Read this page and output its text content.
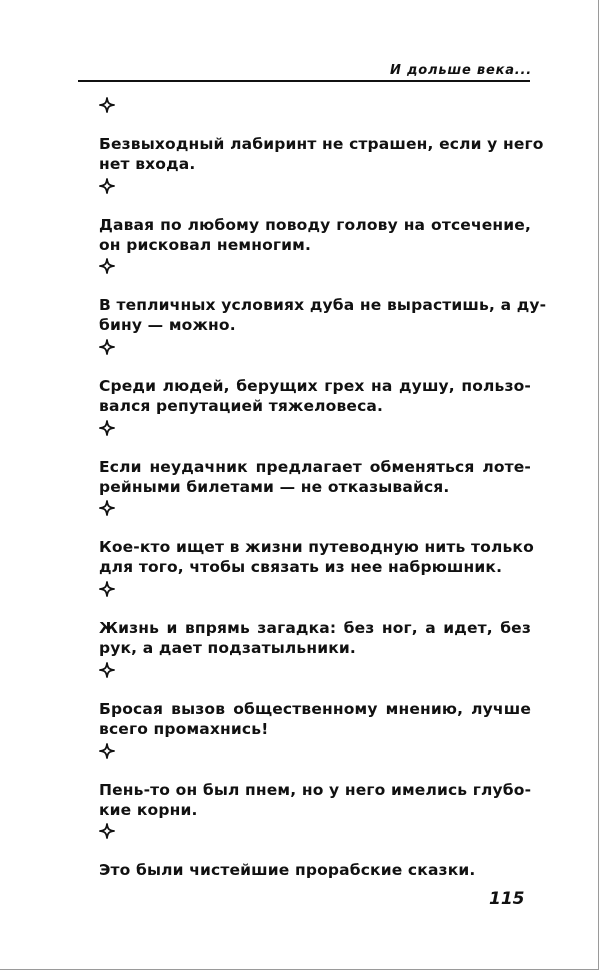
И дольше века...
Безвыходный лабиринт не страшен, если у него
нет входа.
Давая по любому поводу голову на отсечение,
он рисковал немногим.
В тепличных условиях дуба не вырастишь, а ду-
бину — можно.
Среди людей, берущих грех на душу, пользо-
вался репутацией тяжеловеса.
Если неудачник предлагает обменяться лоте-
рейными билетами — не отказывайся.
Кое-кто ищет в жизни путеводную нить только
для того, чтобы связать из нее набрюшник.
Жизнь и впрямь загадка: без ног, а идет, без
рук, а дает подзатыльники.
Бросая вызов общественному мнению, лучше
всего промахнись!
Пень-то он был пнем, но у него имелись глубо-
кие корни.
Это были чистейшие прорабские сказки.
115
